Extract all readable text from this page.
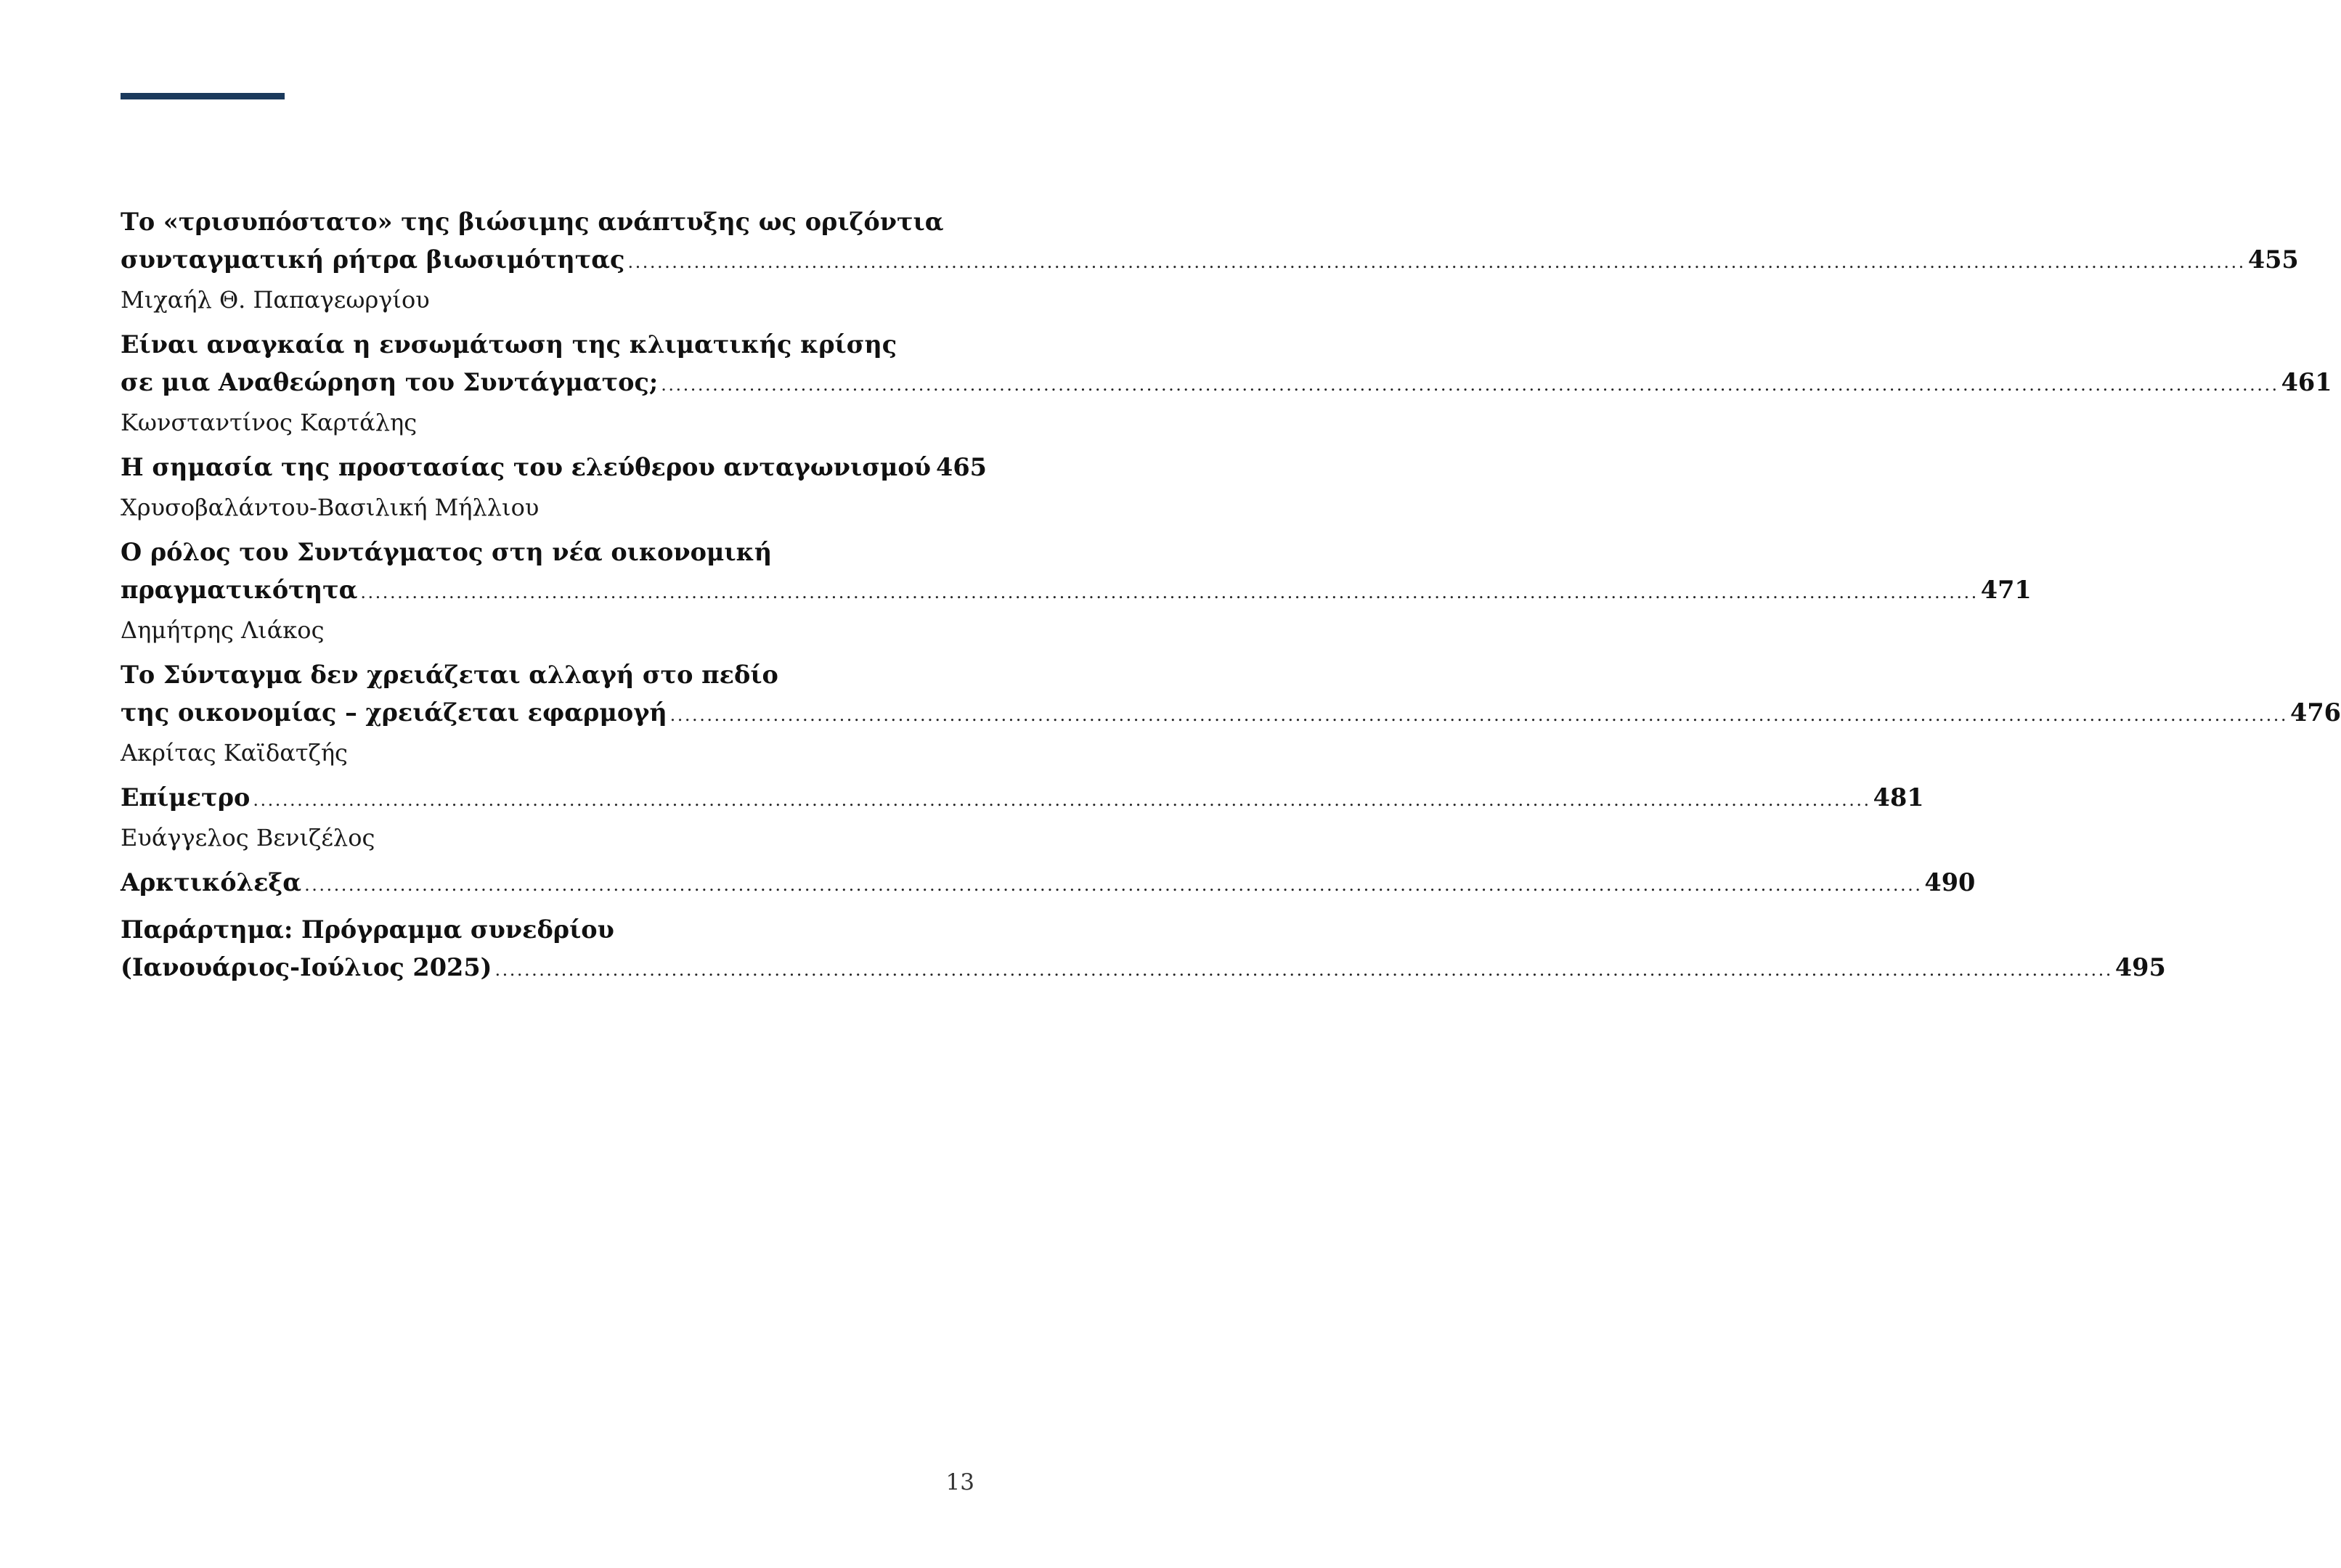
Το «τρισυπόστατο» της βιώσιμης ανάπτυξης ως οριζόντια
συνταγματική ρήτρα βιωσιμότητας ............................................................................................................................................................................................................................ 455
Μιχαήλ Θ. Παπαγεωργίου
Είναι αναγκαία η ενσωμάτωση της κλιματικής κρίσης
σε μια Αναθεώρηση του Συντάγματος; ............................................................................................................................................................................................................................ 461
Κωνσταντίνος Καρτάλης
Η σημασία της προστασίας του ελεύθερου ανταγωνισμού 465
Χρυσοβαλάντου-Βασιλική Μήλλιου
Ο ρόλος του Συντάγματος στη νέα οικονομική
πραγματικότητα ............................................................................................................................................................................................................................ 471
Δημήτρης Λιάκος
Το Σύνταγμα δεν χρειάζεται αλλαγή στο πεδίο
της οικονομίας – χρειάζεται εφαρμογή ............................................................................................................................................................................................................................ 476
Ακρίτας Καϊδατζής
Επίμετρο ............................................................................................................................................................................................................................ 481
Ευάγγελος Βενιζέλος
Αρκτικόλεξα ............................................................................................................................................................................................................................ 490
Παράρτημα: Πρόγραμμα συνεδρίου
(Ιανουάριος-Ιούλιος 2025) ............................................................................................................................................................................................................................ 495
13
